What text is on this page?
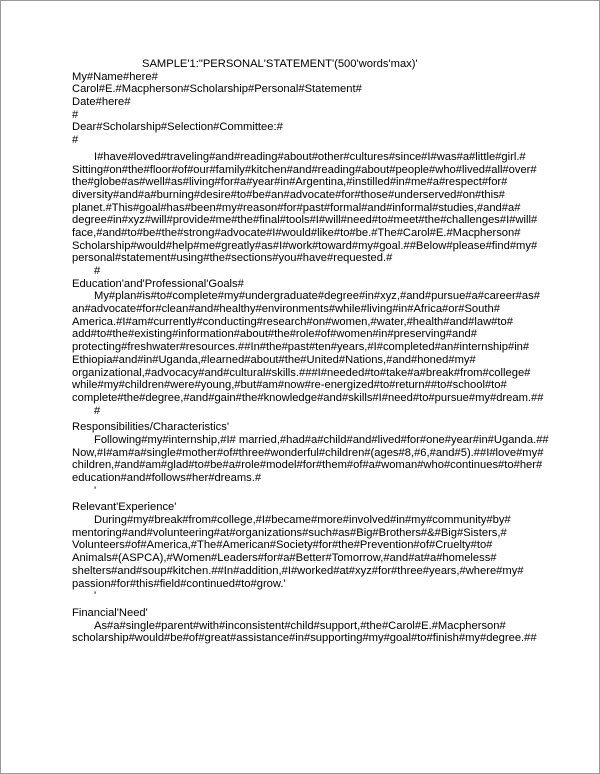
SAMPLE'1:"PERSONAL'STATEMENT'(500'words'max)'
My#Name#here#
Carol#E.#Macpherson#Scholarship#Personal#Statement#
Date#here#
#
Dear#Scholarship#Selection#Committee:#
#
I#have#loved#traveling#and#reading#about#other#cultures#since#I#was#a#little#girl.#
Sitting#on#the#floor#of#our#family#kitchen#and#reading#about#people#who#lived#all#over#
the#globe#as#well#as#living#for#a#year#in#Argentina,#instilled#in#me#a#respect#for#
diversity#and#a#burning#desire#to#be#an#advocate#for#those#underserved#on#this#
planet.#This#goal#has#been#my#reason#for#past#formal#and#informal#studies,#and#a#
degree#in#xyz#will#provide#me#the#final#tools#I#will#need#to#meet#the#challenges#I#will#
face,#and#to#be#the#strong#advocate#I#would#like#to#be.#The#Carol#E.#Macpherson#
Scholarship#would#help#me#greatly#as#I#work#toward#my#goal.##Below#please#find#my#
personal#statement#using#the#sections#you#have#requested.#
#
Education'and'Professional'Goals#
My#plan#is#to#complete#my#undergraduate#degree#in#xyz,#and#pursue#a#career#as#
an#advocate#for#clean#and#healthy#environments#while#living#in#Africa#or#South#
America.#I#am#currently#conducting#research#on#women,#water,#health#and#law#to#
add#to#the#existing#information#about#the#role#of#women#in#preserving#and#
protecting#freshwater#resources.##In#the#past#ten#years,#I#completed#an#internship#in#
Ethiopia#and#in#Uganda,#learned#about#the#United#Nations,#and#honed#my#
organizational,#advocacy#and#cultural#skills.###I#needed#to#take#a#break#from#college#
while#my#children#were#young,#but#am#now#re-energized#to#return##to#school#to#
complete#the#degree,#and#gain#the#knowledge#and#skills#I#need#to#pursue#my#dream.##
#
Responsibilities/Characteristics'
Following#my#internship,#I# married,#had#a#child#and#lived#for#one#year#in#Uganda.##
Now,#I#am#a#single#mother#of#three#wonderful#children#(ages#8,#6,#and#5).##I#love#my#
children,#and#am#glad#to#be#a#role#model#for#them#of#a#woman#who#continues#to#her#
education#and#follows#her#dreams.#
'
Relevant'Experience'
During#my#break#from#college,#I#became#more#involved#in#my#community#by#
mentoring#and#volunteering#at#organizations#such#as#Big#Brothers#&#Big#Sisters,#
Volunteers#of#America,#The#American#Society#for#the#Prevention#of#Cruelty#to#
Animals#(ASPCA),#Women#Leaders#for#a#Better#Tomorrow,#and#at#a#homeless#
shelters#and#soup#kitchen.##In#addition,#I#worked#at#xyz#for#three#years,#where#my#
passion#for#this#field#continued#to#grow.'
'
Financial'Need'
As#a#single#parent#with#inconsistent#child#support,#the#Carol#E.#Macpherson#
scholarship#would#be#of#great#assistance#in#supporting#my#goal#to#finish#my#degree.##
